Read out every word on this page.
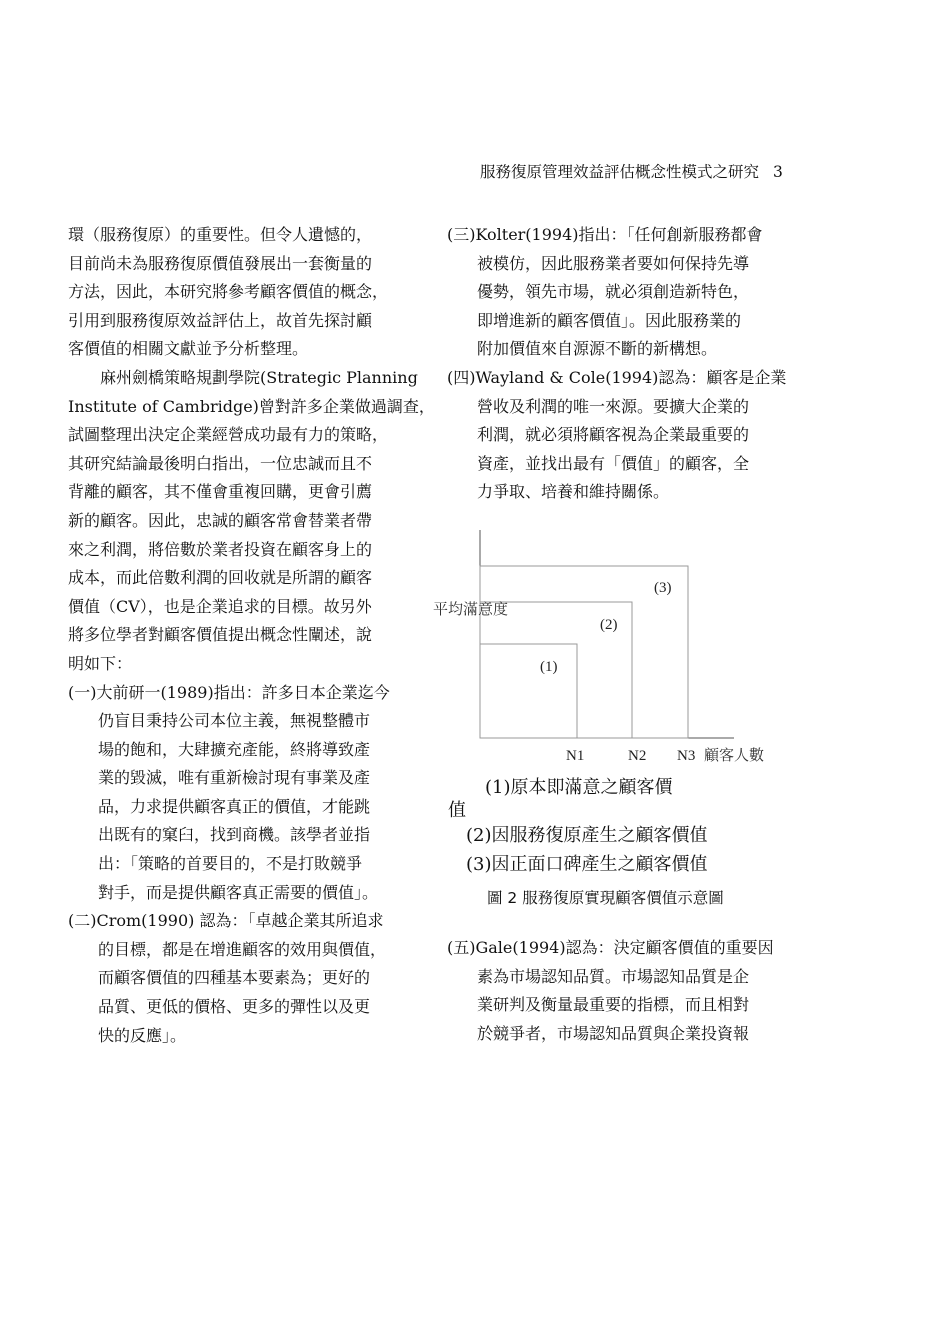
服務復原管理效益評估概念性模式之研究 3
環（服務復原）的重要性。但令人遺憾的，
目前尚未為服務復原價值發展出一套衡量的
方法，因此，本研究將參考顧客價值的概念，
引用到服務復原效益評估上，故首先探討顧
客價值的相關文獻並予分析整理。
　　麻州劍橋策略規劃學院(Strategic Planning
Institute of Cambridge)曾對許多企業做過調查，
試圖整理出決定企業經營成功最有力的策略，
其研究結論最後明白指出，一位忠誠而且不
背離的顧客，其不僅會重複回購，更會引薦
新的顧客。因此，忠誠的顧客常會替業者帶
來之利潤，將倍數於業者投資在顧客身上的
成本，而此倍數利潤的回收就是所謂的顧客
價值（CV），也是企業追求的目標。故另外
將多位學者對顧客價值提出概念性闡述，說
明如下：
(一)大前研一(1989)指出：許多日本企業迄今
仍盲目秉持公司本位主義，無視整體市
場的飽和，大肆擴充產能，終將導致產
業的毀滅，唯有重新檢討現有事業及產
品，力求提供顧客真正的價值，才能跳
出既有的窠臼，找到商機。該學者並指
出：「策略的首要目的，不是打敗競爭
對手，而是提供顧客真正需要的價值」。
(二)Crom(1990) 認為：「卓越企業其所追求
的目標，都是在增進顧客的效用與價值，
而顧客價值的四種基本要素為；更好的
品質、更低的價格、更多的彈性以及更
快的反應」。
(三)Kolter(1994)指出：「任何創新服務都會
被模仿，因此服務業者要如何保持先導
優勢，領先市場，就必須創造新特色，
即增進新的顧客價值」。因此服務業的
附加價值來自源源不斷的新構想。
(四)Wayland & Cole(1994)認為：顧客是企業
營收及利潤的唯一來源。要擴大企業的
利潤，就必須將顧客視為企業最重要的
資產，並找出最有「價值」的顧客，全
力爭取、培養和維持關係。
(1)
(2)
(3)
平均滿意度
N1	N2 N3 顧客人數
(1)原本即滿意之顧客價
值
(2)因服務復原產生之顧客價值
(3)因正面口碑產生之顧客價值
圖 2 服務復原實現顧客價值示意圖
(五)Gale(1994)認為：決定顧客價值的重要因
素為市場認知品質。市場認知品質是企
業研判及衡量最重要的指標，而且相對
於競爭者，市場認知品質與企業投資報
